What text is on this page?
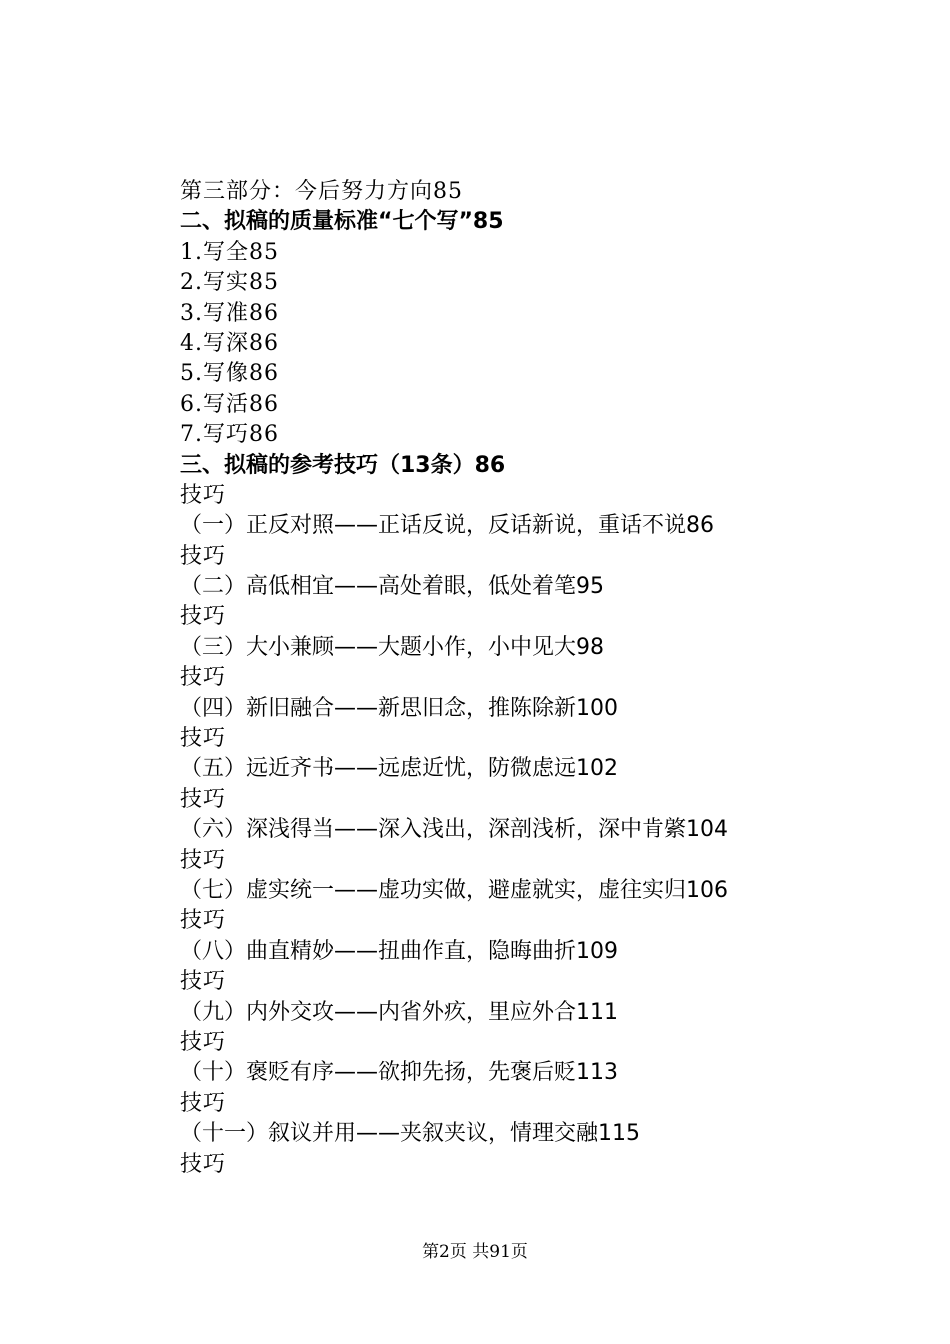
第三部分：今后努力方向85
二、拟稿的质量标准“七个写”85
1.写全85
2.写实85
3.写准86
4.写深86
5.写像86
6.写活86
7.写巧86
三、拟稿的参考技巧（13条）86
技巧
（一）正反对照——正话反说，反话新说，重话不说86
技巧
（二）高低相宜——高处着眼，低处着笔95
技巧
（三）大小兼顾——大题小作，小中见大98
技巧
（四）新旧融合——新思旧念，推陈除新100
技巧
（五）远近齐书——远虑近忧，防微虑远102
技巧
（六）深浅得当——深入浅出，深剖浅析，深中肯綮104
技巧
（七）虚实统一——虚功实做，避虚就实，虚往实归106
技巧
（八）曲直精妙——扭曲作直，隐晦曲折109
技巧
（九）内外交攻——内省外疚，里应外合111
技巧
（十）褒贬有序——欲抑先扬，先褒后贬113
技巧
（十一）叙议并用——夹叙夹议，情理交融115
技巧
第2页 共91页
